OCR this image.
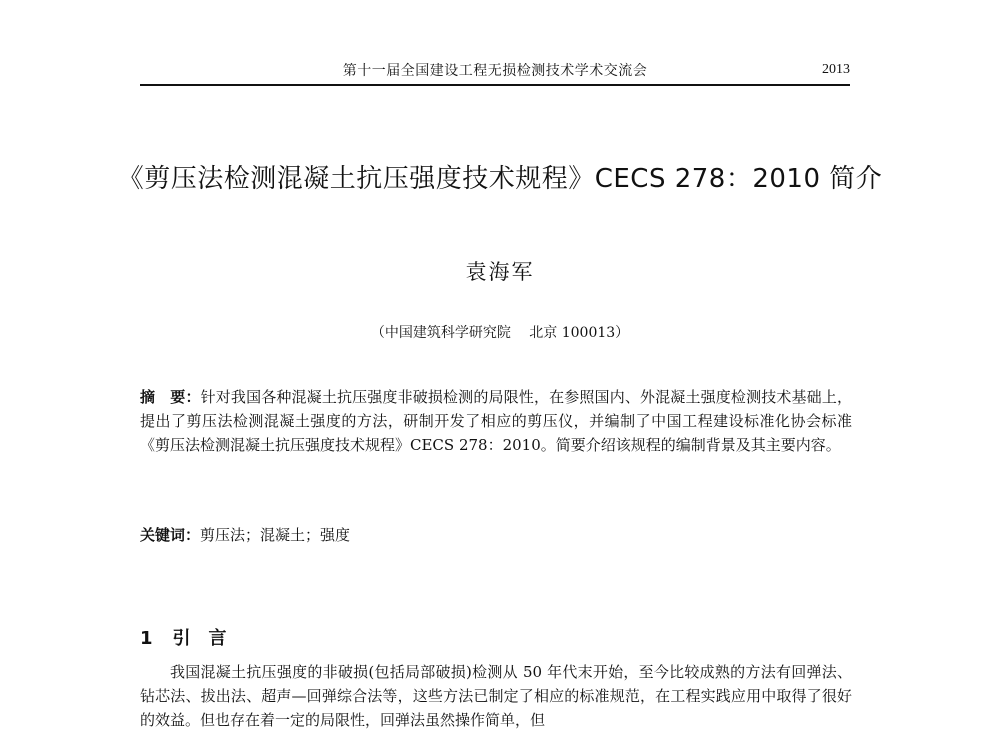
第十一届全国建设工程无损检测技术学术交流会	2013
《剪压法检测混凝土抗压强度技术规程》CECS 278：2010 简介
袁海军
（中国建筑科学研究院　 北京 100013）
摘　要：针对我国各种混凝土抗压强度非破损检测的局限性，在参照国内、外混凝土强度检测技术基础上，提出了剪压法检测混凝土强度的方法，研制开发了相应的剪压仪，并编制了中国工程建设标准化协会标准《剪压法检测混凝土抗压强度技术规程》CECS 278：2010。简要介绍该规程的编制背景及其主要内容。
关键词：剪压法；混凝土；强度
1 引 言
我国混凝土抗压强度的非破损(包括局部破损)检测从 50 年代末开始，至今比较成熟的方法有回弹法、钻芯法、拔出法、超声—回弹综合法等，这些方法已制定了相应的标准规范，在工程实践应用中取得了很好的效益。但也存在着一定的局限性，回弹法虽然操作简单，但
